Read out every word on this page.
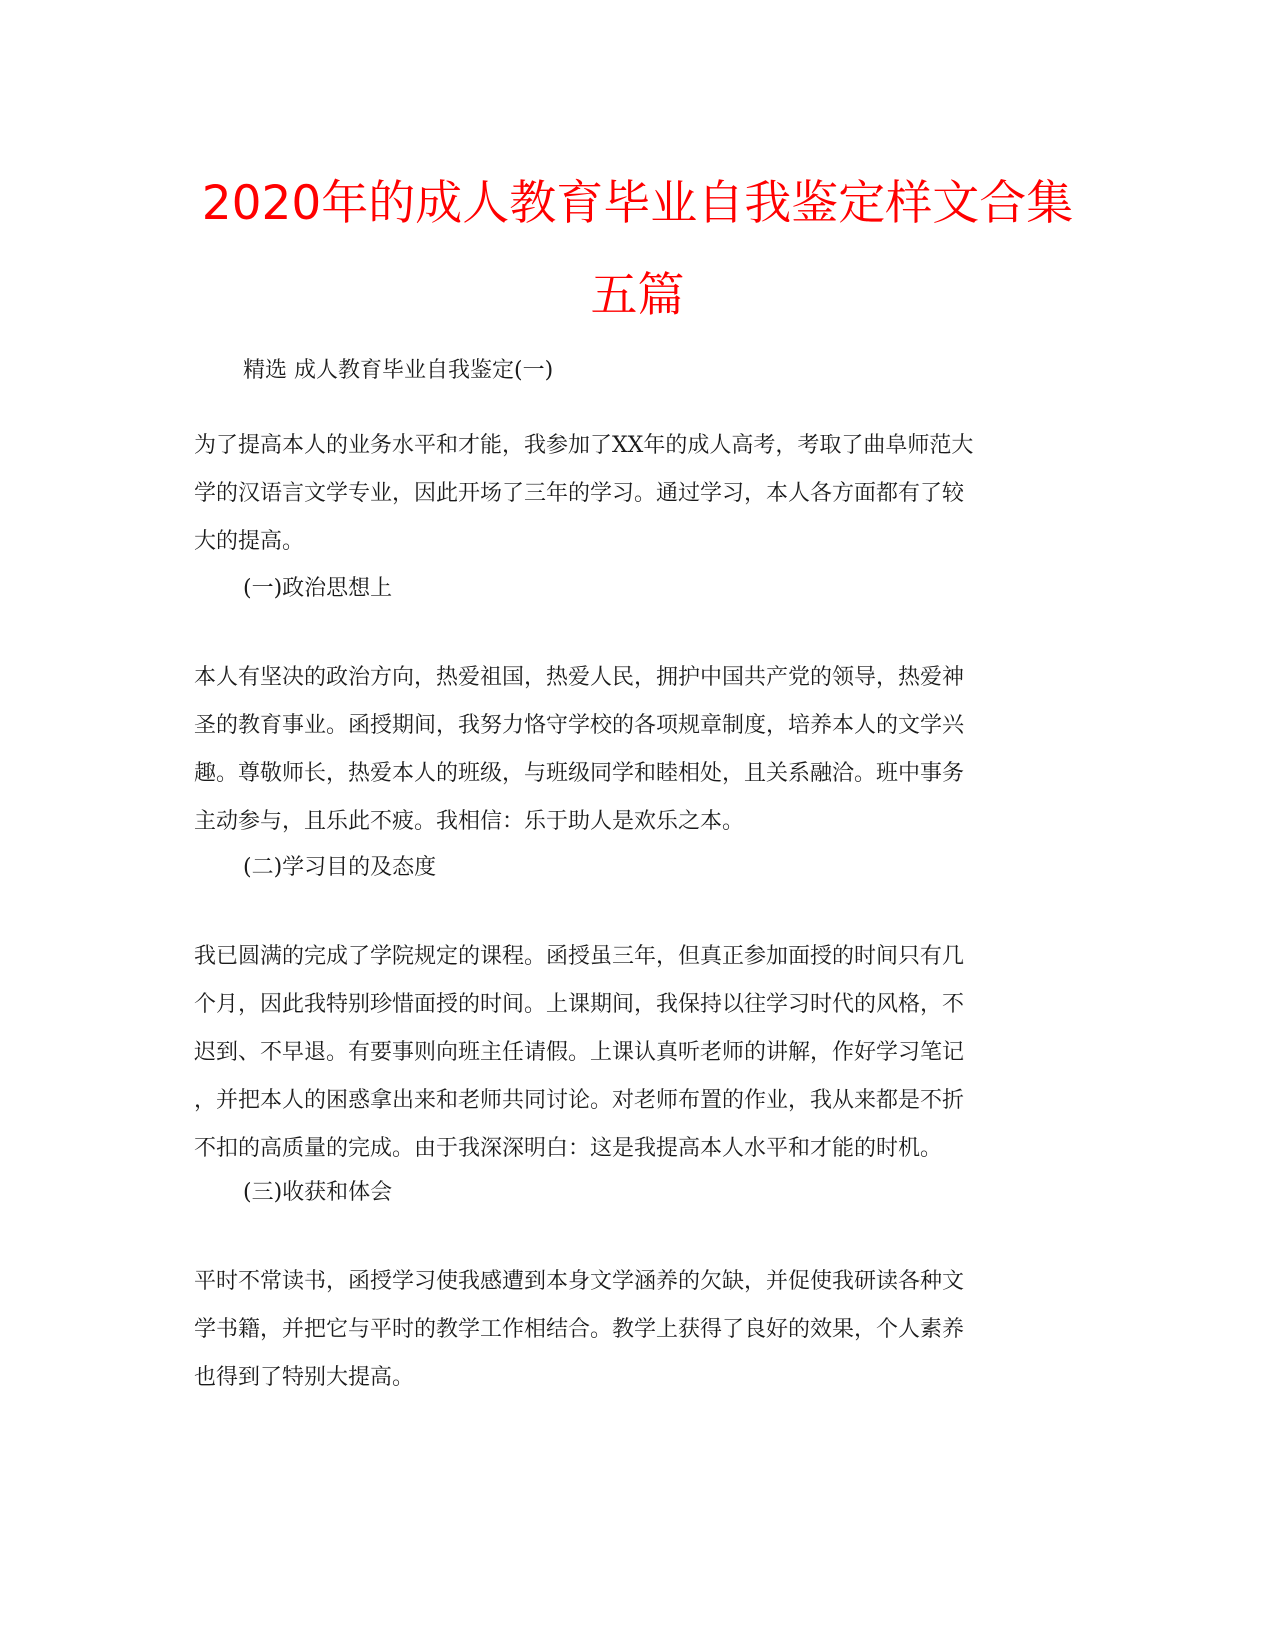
2020年的成人教育毕业自我鉴定样文合集
五篇

精选 成人教育毕业自我鉴定(一)

为了提高本人的业务水平和才能，我参加了XX年的成人高考，考取了曲阜师范大
学的汉语言文学专业，因此开场了三年的学习。通过学习，本人各方面都有了较
大的提高。

(一)政治思想上

本人有坚决的政治方向，热爱祖国，热爱人民，拥护中国共产党的领导，热爱神
圣的教育事业。函授期间，我努力恪守学校的各项规章制度，培养本人的文学兴
趣。尊敬师长，热爱本人的班级，与班级同学和睦相处，且关系融洽。班中事务
主动参与，且乐此不疲。我相信：乐于助人是欢乐之本。

(二)学习目的及态度

我已圆满的完成了学院规定的课程。函授虽三年，但真正参加面授的时间只有几
个月，因此我特别珍惜面授的时间。上课期间，我保持以往学习时代的风格，不
迟到、不早退。有要事则向班主任请假。上课认真听老师的讲解，作好学习笔记
，并把本人的困惑拿出来和老师共同讨论。对老师布置的作业，我从来都是不折
不扣的高质量的完成。由于我深深明白：这是我提高本人水平和才能的时机。

(三)收获和体会

平时不常读书，函授学习使我感遭到本身文学涵养的欠缺，并促使我研读各种文
学书籍，并把它与平时的教学工作相结合。教学上获得了良好的效果，个人素养
也得到了特别大提高。
